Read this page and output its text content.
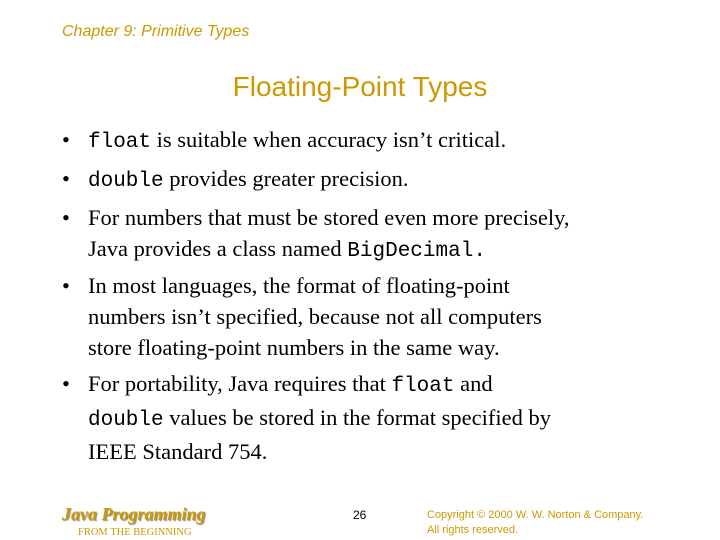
Chapter 9: Primitive Types
Floating-Point Types
• float is suitable when accuracy isn’t critical.
• double provides greater precision.
• For numbers that must be stored even more precisely,
Java provides a class named BigDecimal.
• In most languages, the format of floating-point
numbers isn’t specified, because not all computers
store floating-point numbers in the same way.
• For portability, Java requires that float and
double values be stored in the format specified by
IEEE Standard 754.
Java Programming
FROM THE BEGINNING
26	Copyright © 2000 W. W. Norton & Company.
All rights reserved.
